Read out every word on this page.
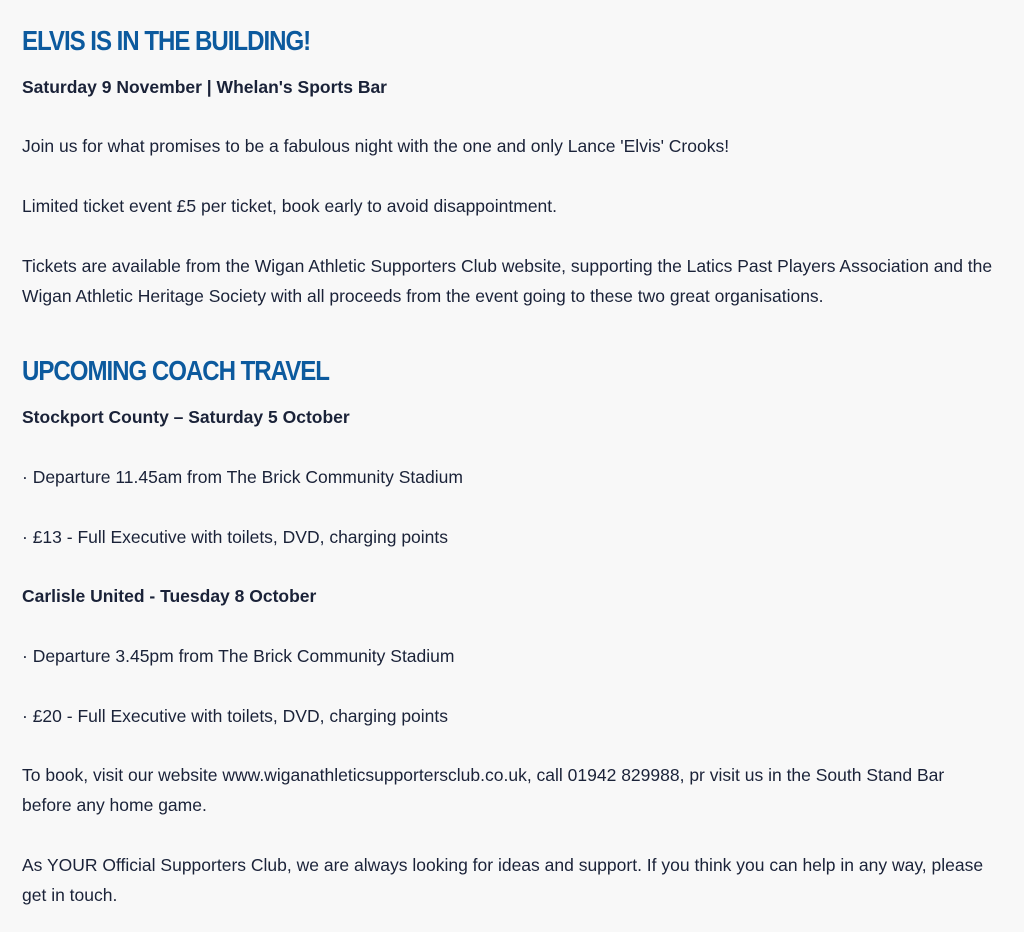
ELVIS IS IN THE BUILDING!

Saturday 9 November | Whelan's Sports Bar

Join us for what promises to be a fabulous night with the one and only Lance 'Elvis' Crooks!

Limited ticket event £5 per ticket, book early to avoid disappointment.

Tickets are available from the Wigan Athletic Supporters Club website, supporting the Latics Past Players Association and the Wigan Athletic Heritage Society with all proceeds from the event going to these two great organisations.

UPCOMING COACH TRAVEL

Stockport County – Saturday 5 October

· Departure 11.45am from The Brick Community Stadium

· £13 - Full Executive with toilets, DVD, charging points

Carlisle United - Tuesday 8 October

· Departure 3.45pm from The Brick Community Stadium

· £20 - Full Executive with toilets, DVD, charging points

To book, visit our website www.wiganathleticsupportersclub.co.uk, call 01942 829988, pr visit us in the South Stand Bar before any home game.

As YOUR Official Supporters Club, we are always looking for ideas and support. If you think you can help in any way, please get in touch.
